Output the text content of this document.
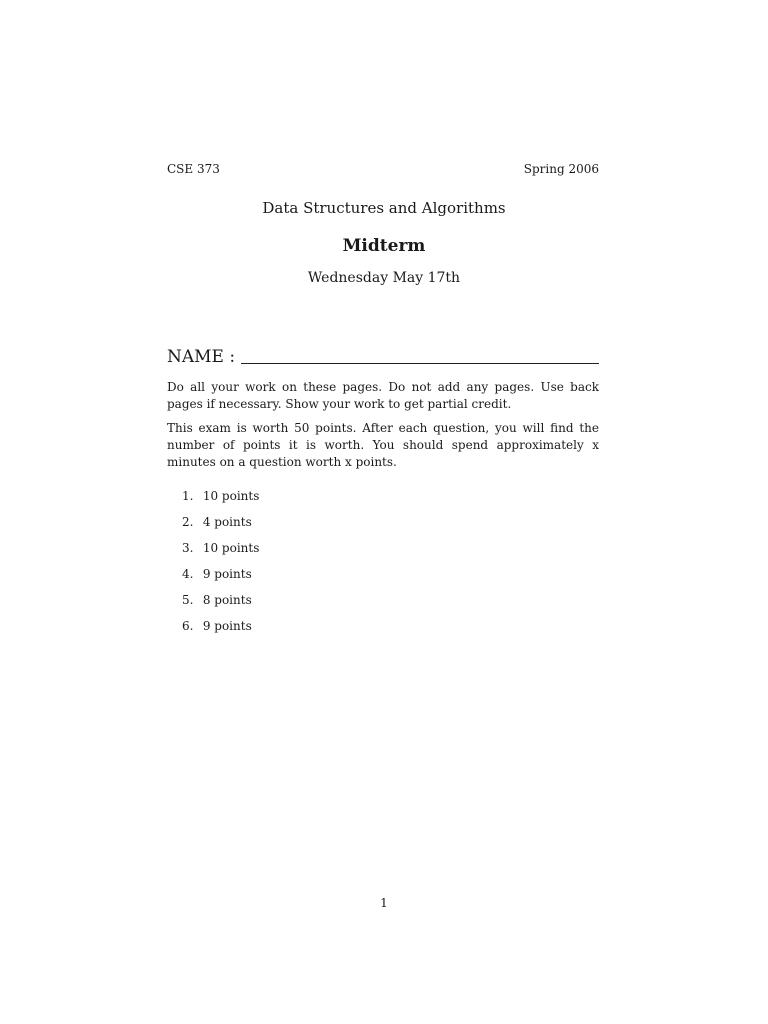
CSE 373	Spring 2006
Data Structures and Algorithms
Midterm
Wednesday May 17th
NAME :
Do all your work on these pages. Do not add any pages. Use back pages if necessary. Show your work to get partial credit.
This exam is worth 50 points. After each question, you will find the number of points it is worth. You should spend approximately x minutes on a question worth x points.
1. 10 points
2. 4 points
3. 10 points
4. 9 points
5. 8 points
6. 9 points
1
